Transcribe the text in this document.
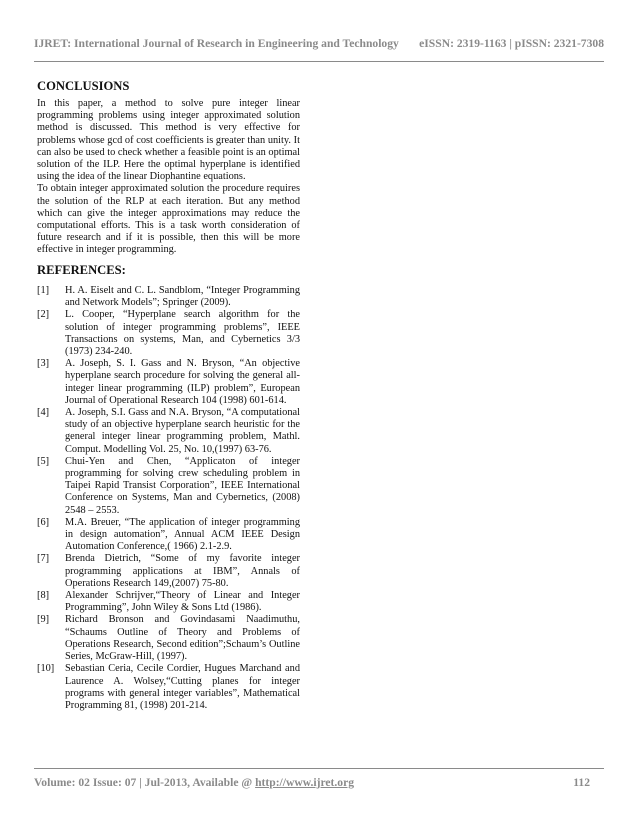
IJRET: International Journal of Research in Engineering and Technology eISSN: 2319-1163 | pISSN: 2321-7308
CONCLUSIONS

In this paper, a method to solve pure integer linear programming problems using integer approximated solution method is discussed. This method is very effective for problems whose gcd of cost coefficients is greater than unity. It can also be used to check whether a feasible point is an optimal solution of the ILP. Here the optimal hyperplane is identified using the idea of the linear Diophantine equations.

To obtain integer approximated solution the procedure requires the solution of the RLP at each iteration. But any method which can give the integer approximations may reduce the computational efforts. This is a task worth consideration of future research and if it is possible, then this will be more effective in integer programming.

REFERENCES:
[1]	H. A. Eiselt and C. L. Sandblom, “Integer Programming and Network Models”; Springer (2009).
[2]	L. Cooper, “Hyperplane search algorithm for the solution of integer programming problems”, IEEE Transactions on systems, Man, and Cybernetics 3/3 (1973) 234-240.
[3]	A. Joseph, S. I. Gass and N. Bryson, “An objective hyperplane search procedure for solving the general all-integer linear programming (ILP) problem”, European Journal of Operational Research 104 (1998) 601-614.
[4]	A. Joseph, S.I. Gass and N.A. Bryson, “A computational study of an objective hyperplane search heuristic for the general integer linear programming problem, Mathl. Comput. Modelling Vol. 25, No. 10,(1997) 63-76.
[5]	Chui-Yen and Chen, “Applicaton of integer programming for solving crew scheduling problem in Taipei Rapid Transist Corporation”, IEEE International Conference on Systems, Man and Cybernetics, (2008) 2548 – 2553.
[6]	M.A. Breuer, “The application of integer programming in design automation”, Annual ACM IEEE Design Automation Conference,( 1966) 2.1-2.9.
[7]	Brenda Dietrich, “Some of my favorite integer programming applications at IBM”, Annals of Operations Research 149,(2007) 75-80.
[8]	Alexander Schrijver,“Theory of Linear and Integer Programming”, John Wiley & Sons Ltd (1986).
[9]	Richard Bronson and Govindasami Naadimuthu, “Schaums Outline of Theory and Problems of Operations Research, Second edition”;Schaum’s Outline Series, McGraw-Hill, (1997).
[10]	Sebastian Ceria, Cecile Cordier, Hugues Marchand and Laurence A. Wolsey,“Cutting planes for integer programs with general integer variables”, Mathematical Programming 81, (1998) 201-214.
Volume: 02 Issue: 07 | Jul-2013, Available @ http://www.ijret.org	112
